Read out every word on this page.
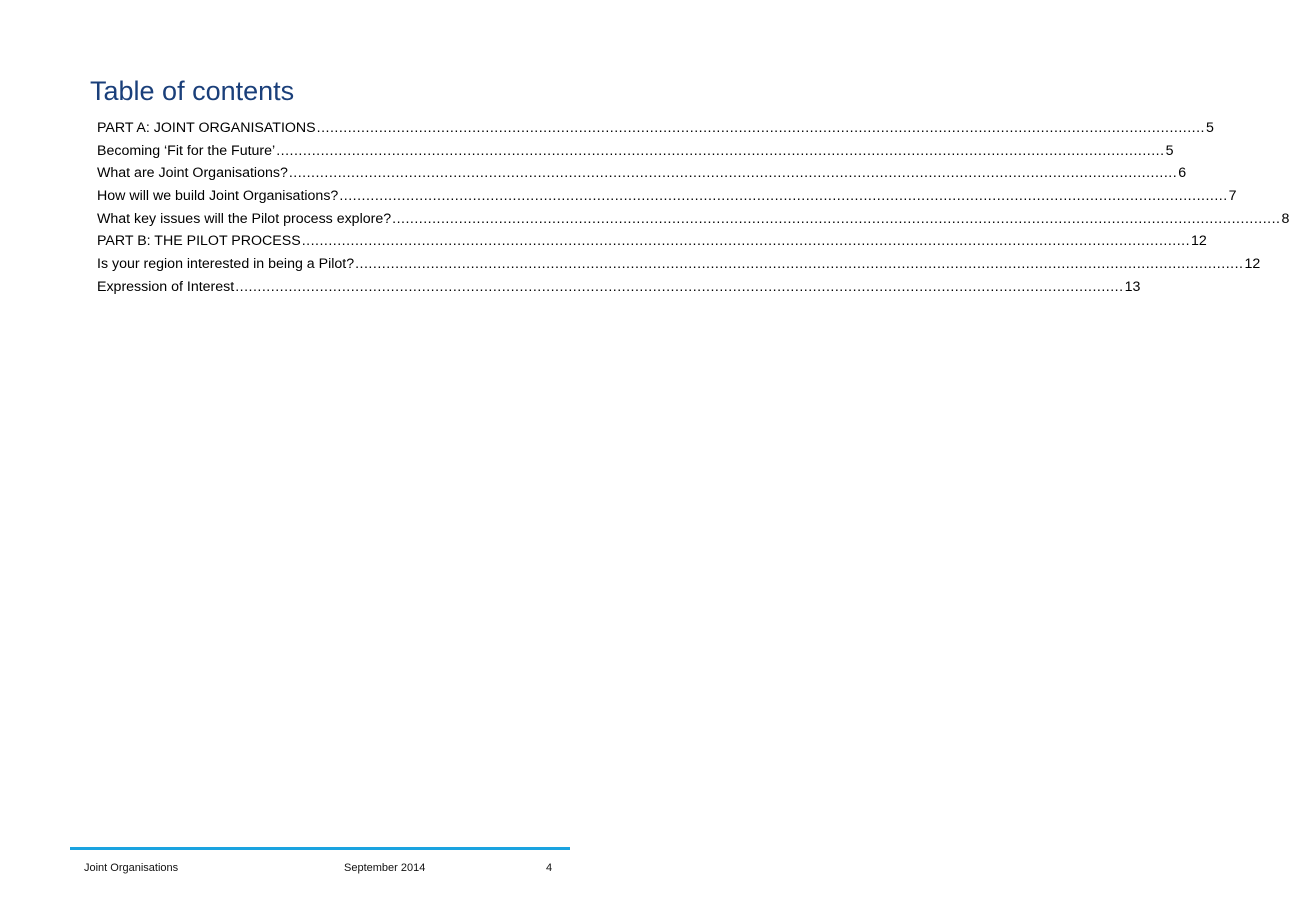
Table of contents
PART A: JOINT ORGANISATIONS ........................................................................................................................................................................................................ 5
Becoming ‘Fit for the Future’ ........................................................................................................................................................................................................ 5
What are Joint Organisations? ........................................................................................................................................................................................................ 6
How will we build Joint Organisations? ........................................................................................................................................................................................................ 7
What key issues will the Pilot process explore? ........................................................................................................................................................................................................ 8
PART B: THE PILOT PROCESS ........................................................................................................................................................................................................ 12
Is your region interested in being a Pilot? ........................................................................................................................................................................................................ 12
Expression of Interest ........................................................................................................................................................................................................ 13
Joint Organisations	September 2014	4
